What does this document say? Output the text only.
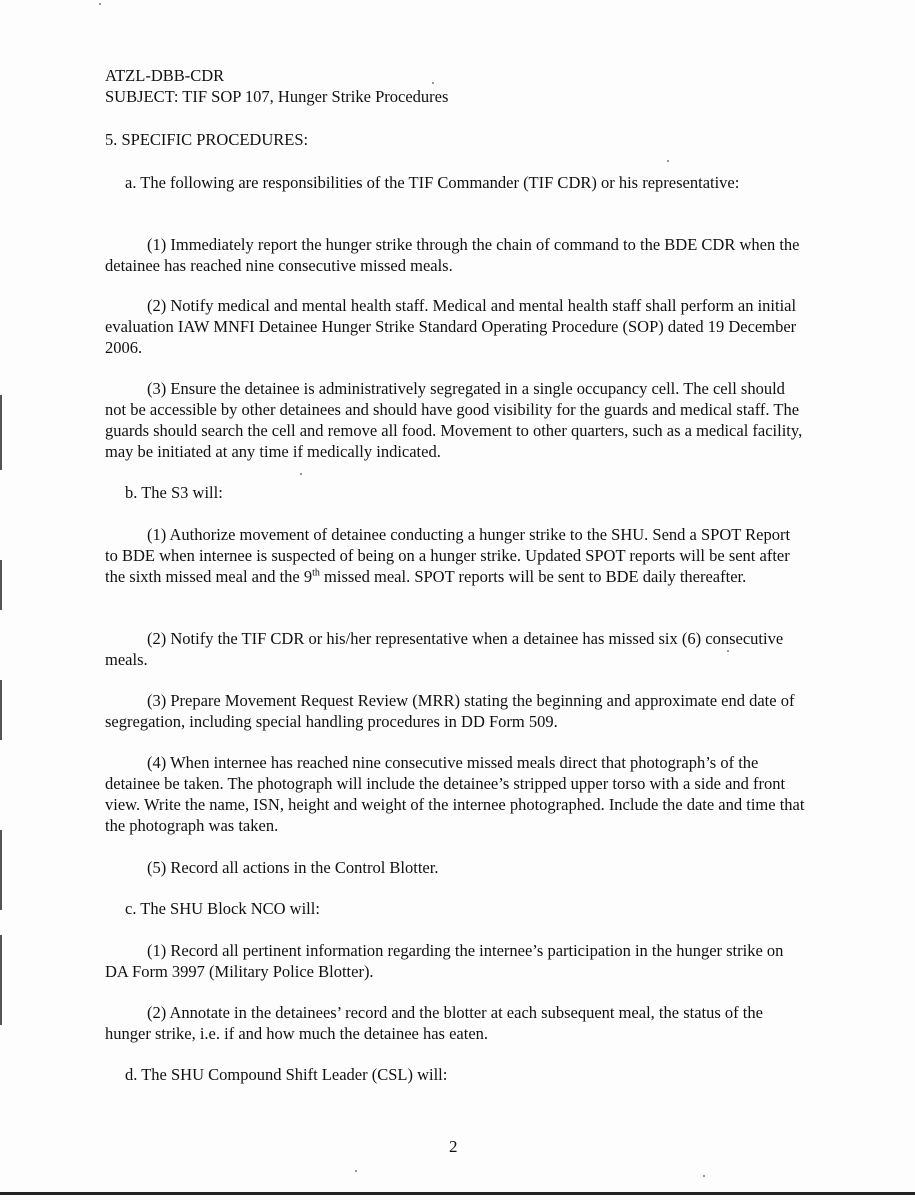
ATZL-DBB-CDR
SUBJECT: TIF SOP 107, Hunger Strike Procedures
5. SPECIFIC PROCEDURES:

a. The following are responsibilities of the TIF Commander (TIF CDR) or his representative:

(1) Immediately report the hunger strike through the chain of command to the BDE CDR when the detainee has reached nine consecutive missed meals.

(2) Notify medical and mental health staff. Medical and mental health staff shall perform an initial evaluation IAW MNFI Detainee Hunger Strike Standard Operating Procedure (SOP) dated 19 December 2006.

(3) Ensure the detainee is administratively segregated in a single occupancy cell. The cell should not be accessible by other detainees and should have good visibility for the guards and medical staff. The guards should search the cell and remove all food. Movement to other quarters, such as a medical facility, may be initiated at any time if medically indicated.

b. The S3 will:

(1) Authorize movement of detainee conducting a hunger strike to the SHU. Send a SPOT Report to BDE when internee is suspected of being on a hunger strike. Updated SPOT reports will be sent after the sixth missed meal and the 9th missed meal. SPOT reports will be sent to BDE daily thereafter.

(2) Notify the TIF CDR or his/her representative when a detainee has missed six (6) consecutive meals.

(3) Prepare Movement Request Review (MRR) stating the beginning and approximate end date of segregation, including special handling procedures in DD Form 509.

(4) When internee has reached nine consecutive missed meals direct that photograph’s of the detainee be taken. The photograph will include the detainee’s stripped upper torso with a side and front view. Write the name, ISN, height and weight of the internee photographed. Include the date and time that the photograph was taken.

(5) Record all actions in the Control Blotter.

c. The SHU Block NCO will:

(1) Record all pertinent information regarding the internee’s participation in the hunger strike on DA Form 3997 (Military Police Blotter).

(2) Annotate in the detainees’ record and the blotter at each subsequent meal, the status of the hunger strike, i.e. if and how much the detainee has eaten.

d. The SHU Compound Shift Leader (CSL) will:

2
